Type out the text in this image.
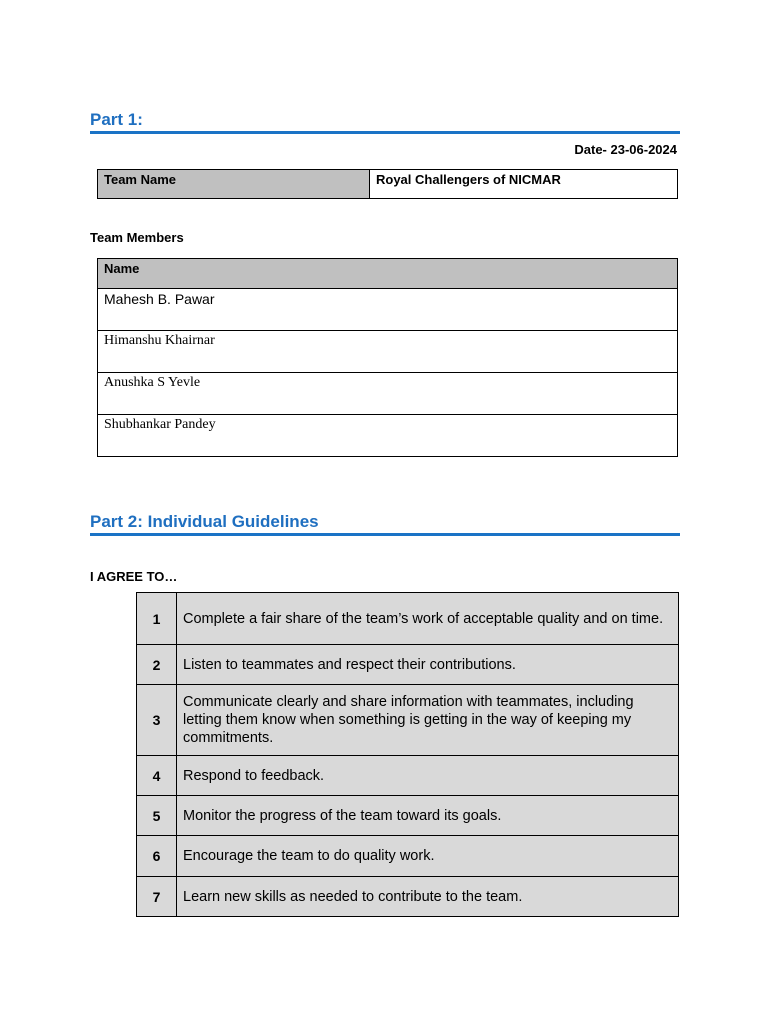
Part 1:
Date- 23-06-2024
Team Name	Royal Challengers of NICMAR
Team Members
Name
Mahesh B. Pawar
Himanshu Khairnar
Anushka S Yevle
Shubhankar Pandey
Part 2: Individual Guidelines
I AGREE TO…
1	Complete a fair share of the team’s work of acceptable quality and on time.
2	Listen to teammates and respect their contributions.
3	Communicate clearly and share information with teammates, including letting them know when something is getting in the way of keeping my commitments.
4	Respond to feedback.
5	Monitor the progress of the team toward its goals.
6	Encourage the team to do quality work.
7	Learn new skills as needed to contribute to the team.
